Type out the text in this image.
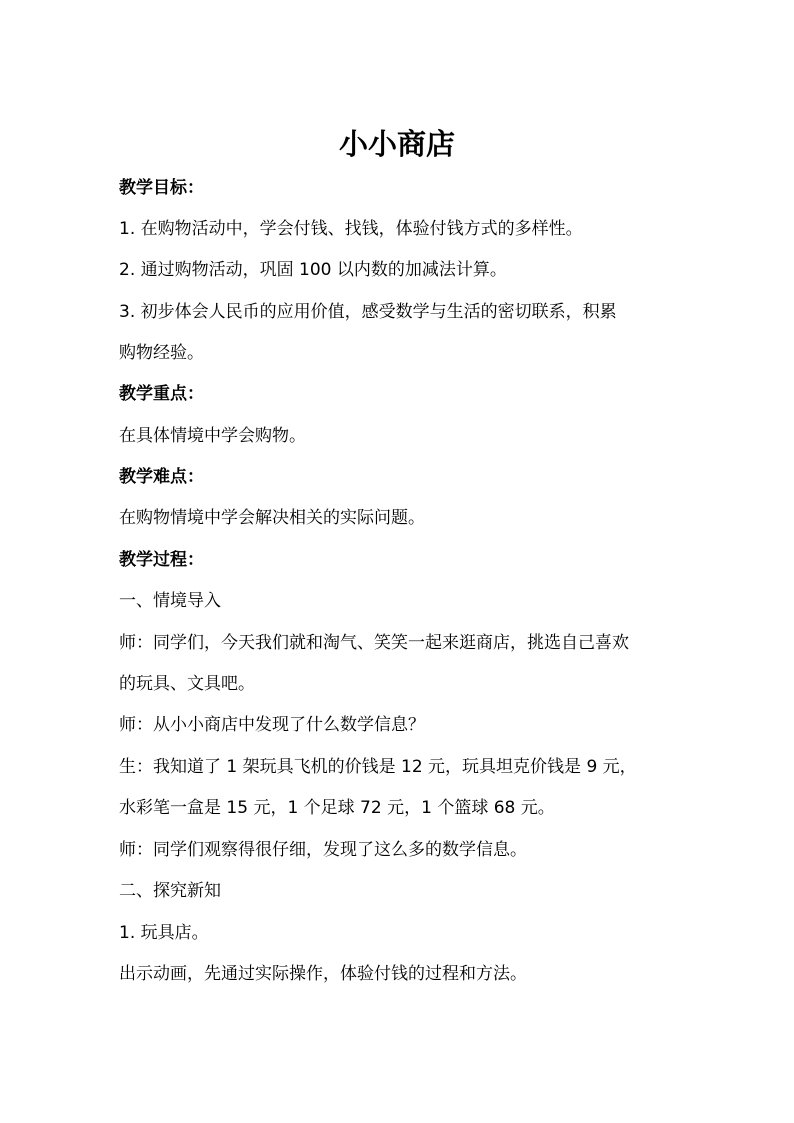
小小商店
教学目标：
1. 在购物活动中，学会付钱、找钱，体验付钱方式的多样性。
2. 通过购物活动，巩固 100 以内数的加减法计算。
3. 初步体会人民币的应用价值，感受数学与生活的密切联系，积累
购物经验。
教学重点：
在具体情境中学会购物。
教学难点：
在购物情境中学会解决相关的实际问题。
教学过程：
一、情境导入
师：同学们，今天我们就和淘气、笑笑一起来逛商店，挑选自己喜欢
的玩具、文具吧。
师：从小小商店中发现了什么数学信息？
生：我知道了 1 架玩具飞机的价钱是 12 元，玩具坦克价钱是 9 元，
水彩笔一盒是 15 元，1 个足球 72 元，1 个篮球 68 元。
师：同学们观察得很仔细，发现了这么多的数学信息。
二、探究新知
1. 玩具店。
出示动画，先通过实际操作，体验付钱的过程和方法。
